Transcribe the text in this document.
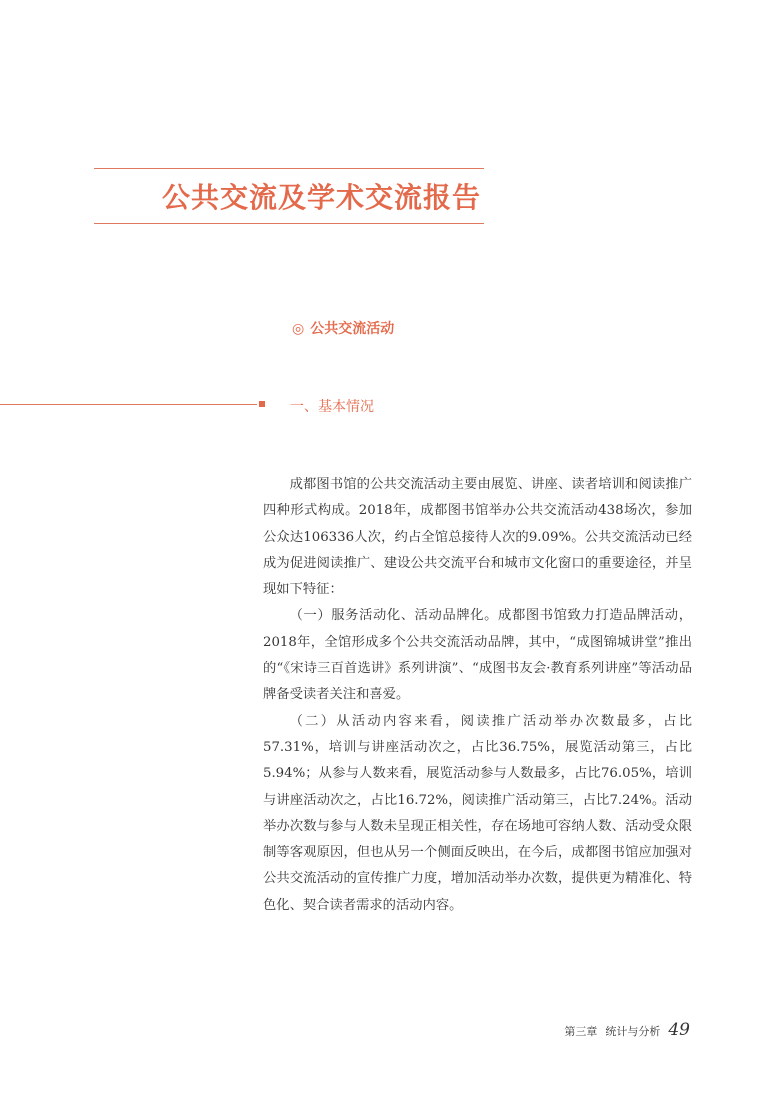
公共交流及学术交流报告
◎ 公共交流活动
一、基本情况

成都图书馆的公共交流活动主要由展览、讲座、读者培训和阅读推广四种形式构成。2018年，成都图书馆举办公共交流活动438场次，参加公众达106336人次，约占全馆总接待人次的9.09%。公共交流活动已经成为促进阅读推广、建设公共交流平台和城市文化窗口的重要途径，并呈现如下特征：

（一）服务活动化、活动品牌化。成都图书馆致力打造品牌活动，2018年，全馆形成多个公共交流活动品牌，其中，“成图锦城讲堂”推出的“《宋诗三百首选讲》系列讲演”、“成图书友会·教育系列讲座”等活动品牌备受读者关注和喜爱。

（二）从活动内容来看，阅读推广活动举办次数最多，占比57.31%，培训与讲座活动次之，占比36.75%，展览活动第三，占比5.94%；从参与人数来看，展览活动参与人数最多，占比76.05%，培训与讲座活动次之，占比16.72%，阅读推广活动第三，占比7.24%。活动举办次数与参与人数未呈现正相关性，存在场地可容纳人数、活动受众限制等客观原因，但也从另一个侧面反映出，在今后，成都图书馆应加强对公共交流活动的宣传推广力度，增加活动举办次数，提供更为精准化、特色化、契合读者需求的活动内容。

第三章 统计与分析 49
